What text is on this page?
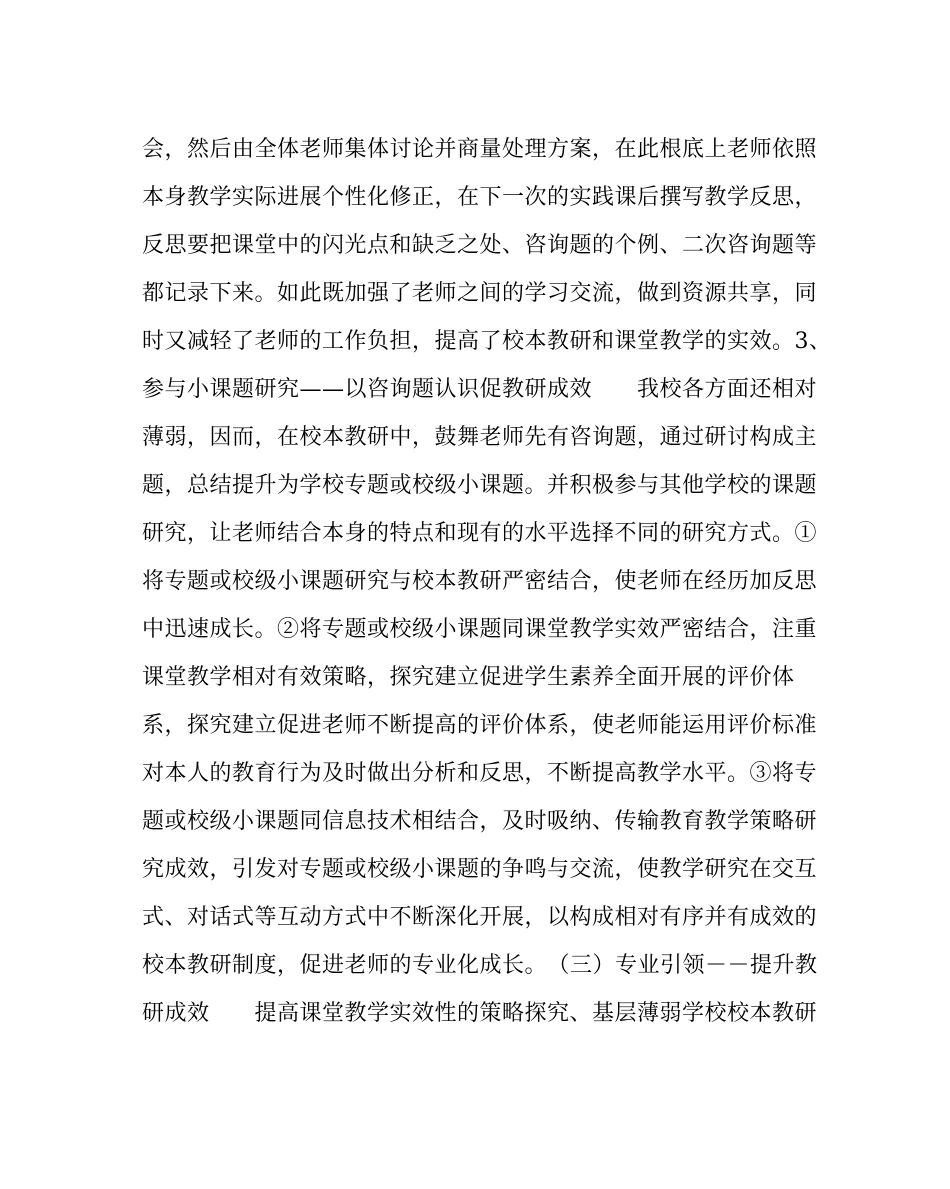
会，然后由全体老师集体讨论并商量处理方案，在此根底上老师依照
本身教学实际进展个性化修正，在下一次的实践课后撰写教学反思，
反思要把课堂中的闪光点和缺乏之处、咨询题的个例、二次咨询题等
都记录下来。如此既加强了老师之间的学习交流，做到资源共享，同
时又减轻了老师的工作负担，提高了校本教研和课堂教学的实效。3、
参与小课题研究——以咨询题认识促教研成效　　我校各方面还相对
薄弱，因而，在校本教研中，鼓舞老师先有咨询题，通过研讨构成主
题，总结提升为学校专题或校级小课题。并积极参与其他学校的课题
研究，让老师结合本身的特点和现有的水平选择不同的研究方式。①
将专题或校级小课题研究与校本教研严密结合，使老师在经历加反思
中迅速成长。②将专题或校级小课题同课堂教学实效严密结合，注重
课堂教学相对有效策略，探究建立促进学生素养全面开展的评价体
系，探究建立促进老师不断提高的评价体系，使老师能运用评价标准
对本人的教育行为及时做出分析和反思，不断提高教学水平。③将专
题或校级小课题同信息技术相结合，及时吸纳、传输教育教学策略研
究成效，引发对专题或校级小课题的争鸣与交流，使教学研究在交互
式、对话式等互动方式中不断深化开展，以构成相对有序并有成效的
校本教研制度，促进老师的专业化成长。　（三）专业引领－－提升教
研成效　　提高课堂教学实效性的策略探究、基层薄弱学校校本教研
